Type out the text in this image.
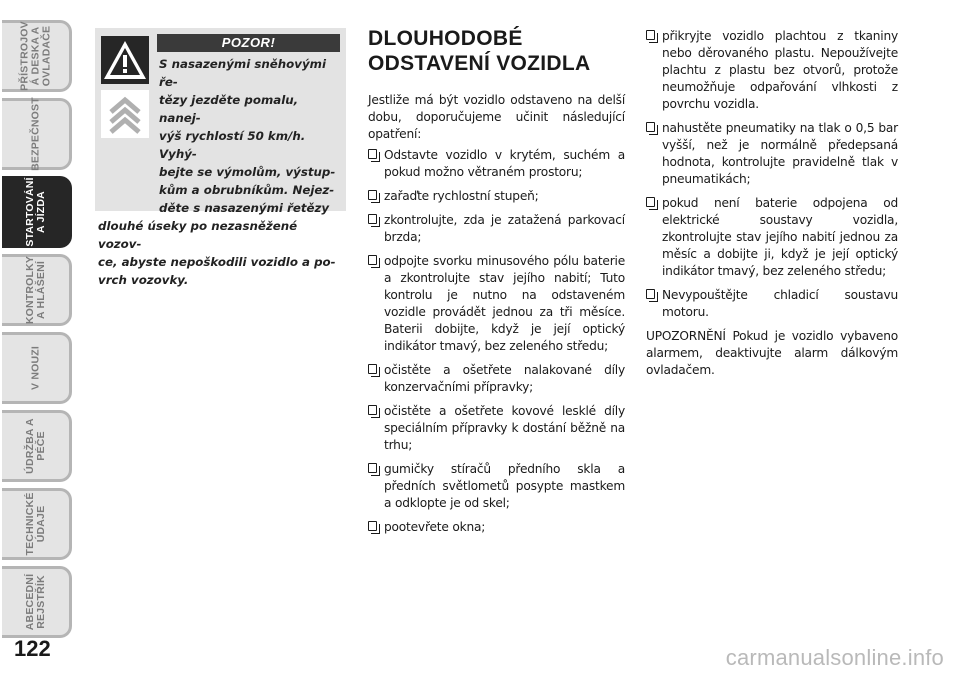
PŘÍSTROJOV
Á DESKA A
OVLADAČE
BEZPEČNOST
STARTOVÁNÍ
A JÍZDA
KONTROLKY
A HLÁŠENÍ
V NOUZI
ÚDRŽBA A
PÉČE
TECHNICKÉ
ÚDAJE
ABECEDNÍ
REJSTŘÍK
122
POZOR!

S nasazenými sněhovými ře-

tězy jezděte pomalu, nanej-

výš rychlostí 50 km/h. Vyhý-

bejte se výmolům, výstup-

kům a obrubníkům. Nejez-

děte s nasazenými řetězy

dlouhé úseky po nezasněžené vozov-

ce, abyste nepoškodili vozidlo a po-

vrch vozovky.

DLOUHODOBÉ ODSTAVENÍ VOZIDLA

Jestliže má být vozidlo odstaveno na delší dobu, doporučujeme učinit následující opatření:

Odstavte vozidlo v krytém, suchém a pokud možno větraném prostoru;
zařaďte rychlostní stupeň;
zkontrolujte, zda je zatažená parkovací brzda;
odpojte svorku minusového pólu baterie a zkontrolujte stav jejího nabití; Tuto kontrolu je nutno na odstaveném vozidle provádět jednou za tři měsíce. Baterii dobijte, když je její optický indikátor tmavý, bez zeleného středu;
očistěte a ošetřete nalakované díly konzervačními přípravky;
očistěte a ošetřete kovové lesklé díly speciálním přípravky k dostání běžně na trhu;
gumičky stíračů předního skla a předních světlometů posypte mastkem a odklopte je od skel;
pootevřete okna;
přikryjte vozidlo plachtou z tkaniny nebo děrovaného plastu. Nepoužívejte plachtu z plastu bez otvorů, protože neumožňuje odpařování vlhkosti z povrchu vozidla.
nahustěte pneumatiky na tlak o 0,5 bar vyšší, než je normálně předepsaná hodnota, kontrolujte pravidelně tlak v pneumatikách;
pokud není baterie odpojena od elektrické soustavy vozidla, zkontrolujte stav jejího nabití jednou za měsíc a dobijte ji, když je její optický indikátor tmavý, bez zeleného středu;
Nevypouštějte chladicí soustavu motoru.

UPOZORNĚNÍ Pokud je vozidlo vybaveno alarmem, deaktivujte alarm dálkovým ovladačem.

carmanualsonline.info
